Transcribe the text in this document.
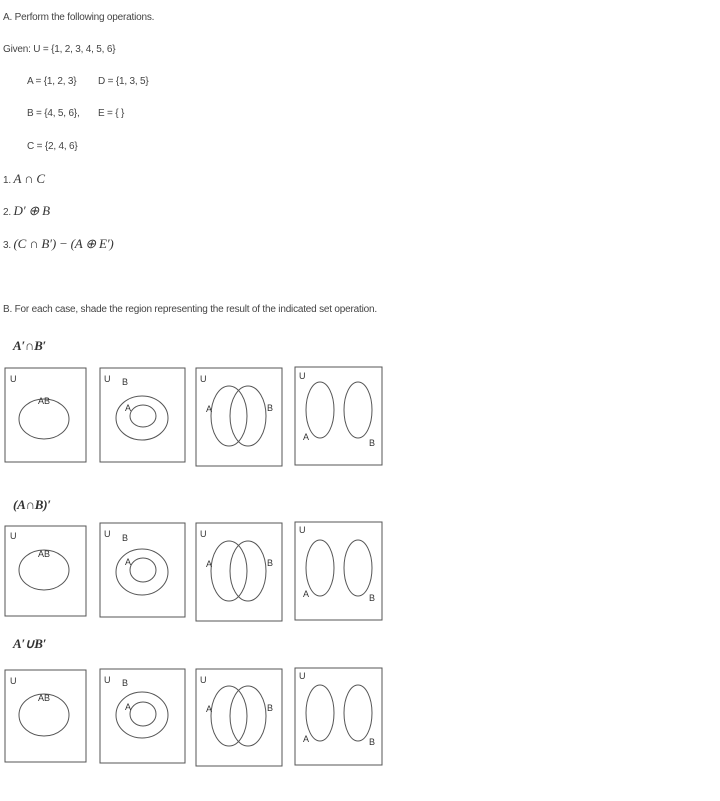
A. Perform the following operations.
Given: U = {1, 2, 3, 4, 5, 6}
A = {1, 2, 3} D = {1, 3, 5}
B = {4, 5, 6}, E = { }
C = {2, 4, 6}
1. A ∩ C
2. D′ ⊕ B
3. (C ∩ B′) − (A ⊕ E′)
B. For each case, shade the region representing the result of the indicated set operation.
A′∩B′
(A∩B)′
A′∪B′
U
AB
U B
A
U
A	B
U
A
B
U
AB
U B
A
U
A	B
U
A	B
U
AB
U B
A
U
A	B
U
A	B
